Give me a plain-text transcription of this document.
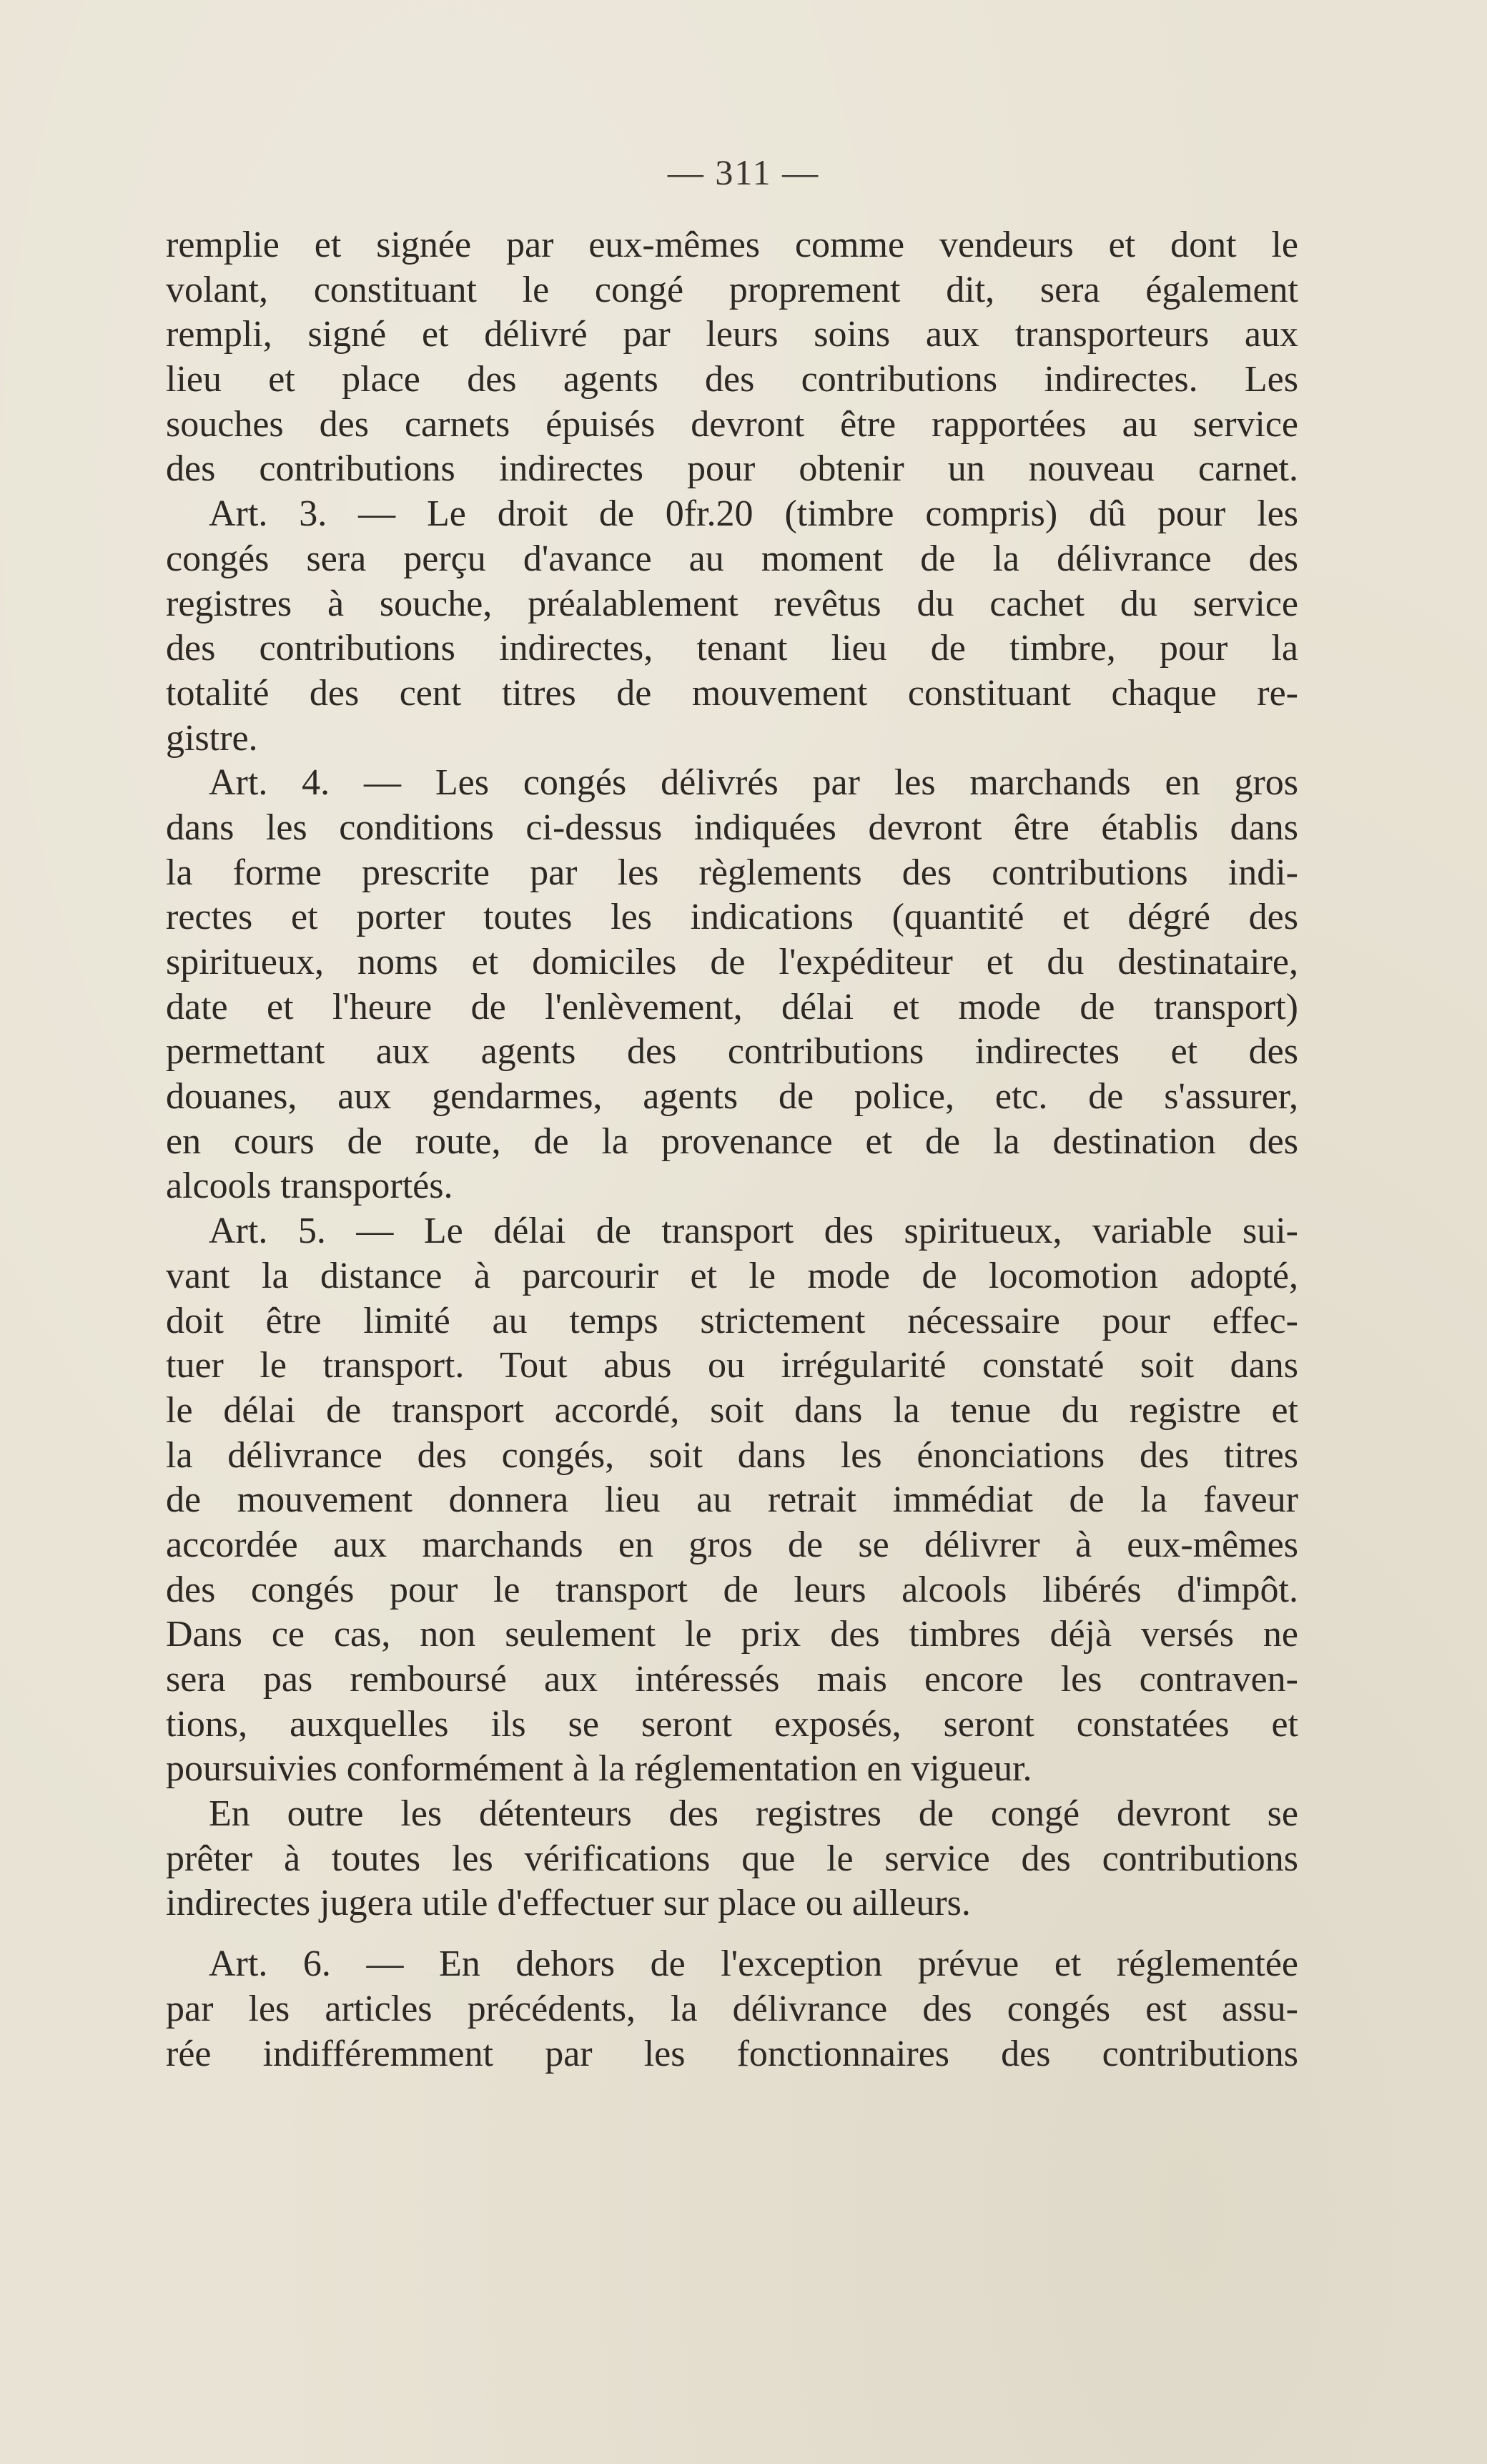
— 311 —
remplie et signée par eux-mêmes comme vendeurs et dont le
volant, constituant le congé proprement dit, sera également
rempli, signé et délivré par leurs soins aux transporteurs aux
lieu et place des agents des contributions indirectes. Les
souches des carnets épuisés devront être rapportées au service
des contributions indirectes pour obtenir un nouveau carnet.
Art. 3. — Le droit de 0fr.20 (timbre compris) dû pour les
congés sera perçu d'avance au moment de la délivrance des
registres à souche, préalablement revêtus du cachet du service
des contributions indirectes, tenant lieu de timbre, pour la
totalité des cent titres de mouvement constituant chaque re-
gistre.
Art. 4. — Les congés délivrés par les marchands en gros
dans les conditions ci-dessus indiquées devront être établis dans
la forme prescrite par les règlements des contributions indi-
rectes et porter toutes les indications (quantité et dégré des
spiritueux, noms et domiciles de l'expéditeur et du destinataire,
date et l'heure de l'enlèvement, délai et mode de transport)
permettant aux agents des contributions indirectes et des
douanes, aux gendarmes, agents de police, etc. de s'assurer,
en cours de route, de la provenance et de la destination des
alcools transportés.
Art. 5. — Le délai de transport des spiritueux, variable sui-
vant la distance à parcourir et le mode de locomotion adopté,
doit être limité au temps strictement nécessaire pour effec-
tuer le transport. Tout abus ou irrégularité constaté soit dans
le délai de transport accordé, soit dans la tenue du registre et
la délivrance des congés, soit dans les énonciations des titres
de mouvement donnera lieu au retrait immédiat de la faveur
accordée aux marchands en gros de se délivrer à eux-mêmes
des congés pour le transport de leurs alcools libérés d'impôt.
Dans ce cas, non seulement le prix des timbres déjà versés ne
sera pas remboursé aux intéressés mais encore les contraven-
tions, auxquelles ils se seront exposés, seront constatées et
poursuivies conformément à la réglementation en vigueur.
En outre les détenteurs des registres de congé devront se
prêter à toutes les vérifications que le service des contributions
indirectes jugera utile d'effectuer sur place ou ailleurs.
Art. 6. — En dehors de l'exception prévue et réglementée
par les articles précédents, la délivrance des congés est assu-
rée indifféremment par les fonctionnaires des contributions
